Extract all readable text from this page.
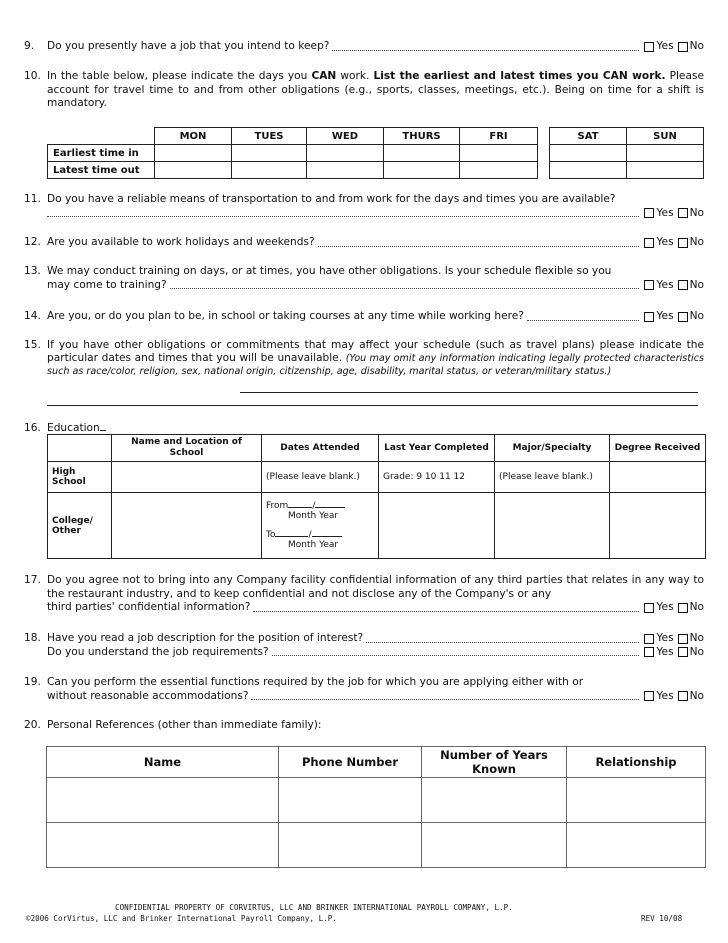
9. Do you presently have a job that you intend to keep?	Yes No
10. In the table below, please indicate the days you CAN work. List the earliest and latest times you CAN work. Please account for travel time to and from other obligations (e.g., sports, classes, meetings, etc.). Being on time for a shift is mandatory.
	MON	TUES	WED	THURS	FRI		SAT	SUN
Earliest time in								
Latest time out								
11. Do you have a reliable means of transportation to and from work for the days and times you are available?
Yes No
12. Are you available to work holidays and weekends?	Yes No
13. We may conduct training on days, or at times, you have other obligations. Is your schedule flexible so you
may come to training?	Yes No
14. Are you, or do you plan to be, in school or taking courses at any time while working here?	Yes No
15. If you have other obligations or commitments that may affect your schedule (such as travel plans) please indicate the particular dates and times that you will be unavailable. (You may omit any information indicating legally protected characteristics such as race/color, religion, sex, national origin, citizenship, age, disability, marital status, or veteran/military status.)
16. Education
	Name and Location of School	Dates Attended	Last Year Completed	Major/Specialty	Degree Received
High School		(Please leave blank.)	Grade: 9 10 11 12	(Please leave blank.)	
College/ Other		From /
Month Year
To /
Month Year			

17. Do you agree not to bring into any Company facility confidential information of any third parties that relates in any way to the restaurant industry, and to keep confidential and not disclose any of the Company's or any
third parties' confidential information?	Yes No
18. Have you read a job description for the position of interest?	Yes No
Do you understand the job requirements?	Yes No
19. Can you perform the essential functions required by the job for which you are applying either with or
without reasonable accommodations?	Yes No
20. Personal References (other than immediate family):
Name	Phone Number	Number of Years Known	Relationship

CONFIDENTIAL PROPERTY OF CORVIRTUS, LLC AND BRINKER INTERNATIONAL PAYROLL COMPANY, L.P.
©2006 CorVirtus, LLC and Brinker International Payroll Company, L.P.	REV 10/08
